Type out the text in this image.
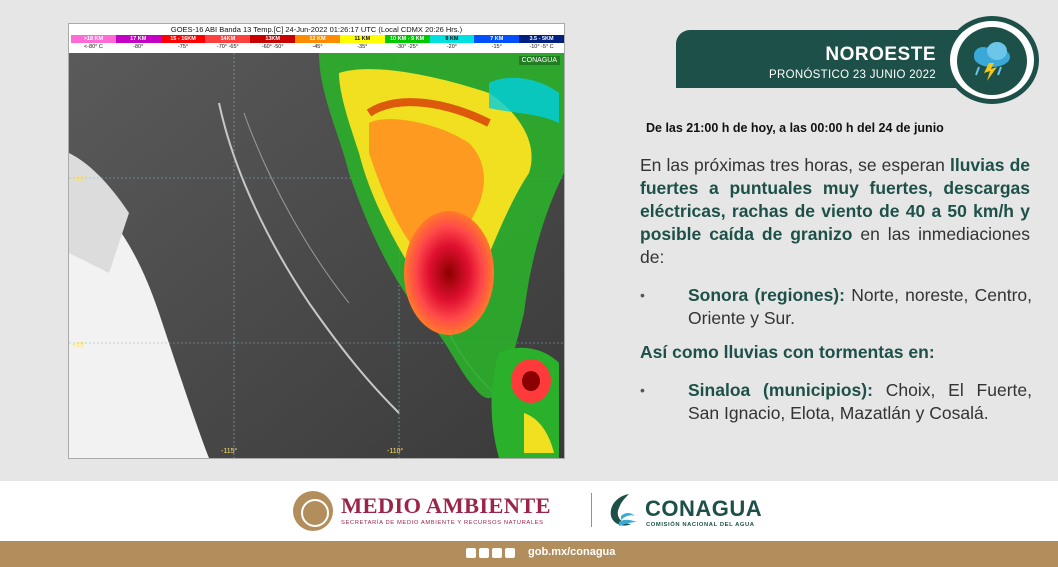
GOES-16 ABI Banda 13 Temp.[C] 24-Jun-2022 01:26:17 UTC (Local CDMX 20:26 Hrs.)
>18 KM	17 KM	15 - 16KM	14KM	13KM	12 KM	11 KM	10 KM - 9 KM	8 KM	7 KM	3.5 - 5KM
<-80° C	-80°	-75°	-70° -65°	-60° -50°	-45°	-35°	-30° -25°	-20°	-15°	-10° -5° C
+30°
+25°
-115°	-110°
CONAGUA	NOROESTE
PRONÓSTICO 23 JUNIO 2022
De las 21:00 h de hoy, a las 00:00 h del 24 de junio
En las próximas tres horas, se esperan lluvias de fuertes a puntuales muy fuertes, descargas eléctricas, rachas de viento de 40 a 50 km/h y posible caída de granizo en las inmediaciones de:
• Sonora (regiones): Norte, noreste, Centro, Oriente y Sur.
Así como lluvias con tormentas en:
• Sinaloa (municipios): Choix, El Fuerte, San Ignacio, Elota, Mazatlán y Cosalá.
MEDIO AMBIENTE
SECRETARÍA DE MEDIO AMBIENTE Y RECURSOS NATURALES
CONAGUA
COMISIÓN NACIONAL DEL AGUA
gob.mx/conagua
